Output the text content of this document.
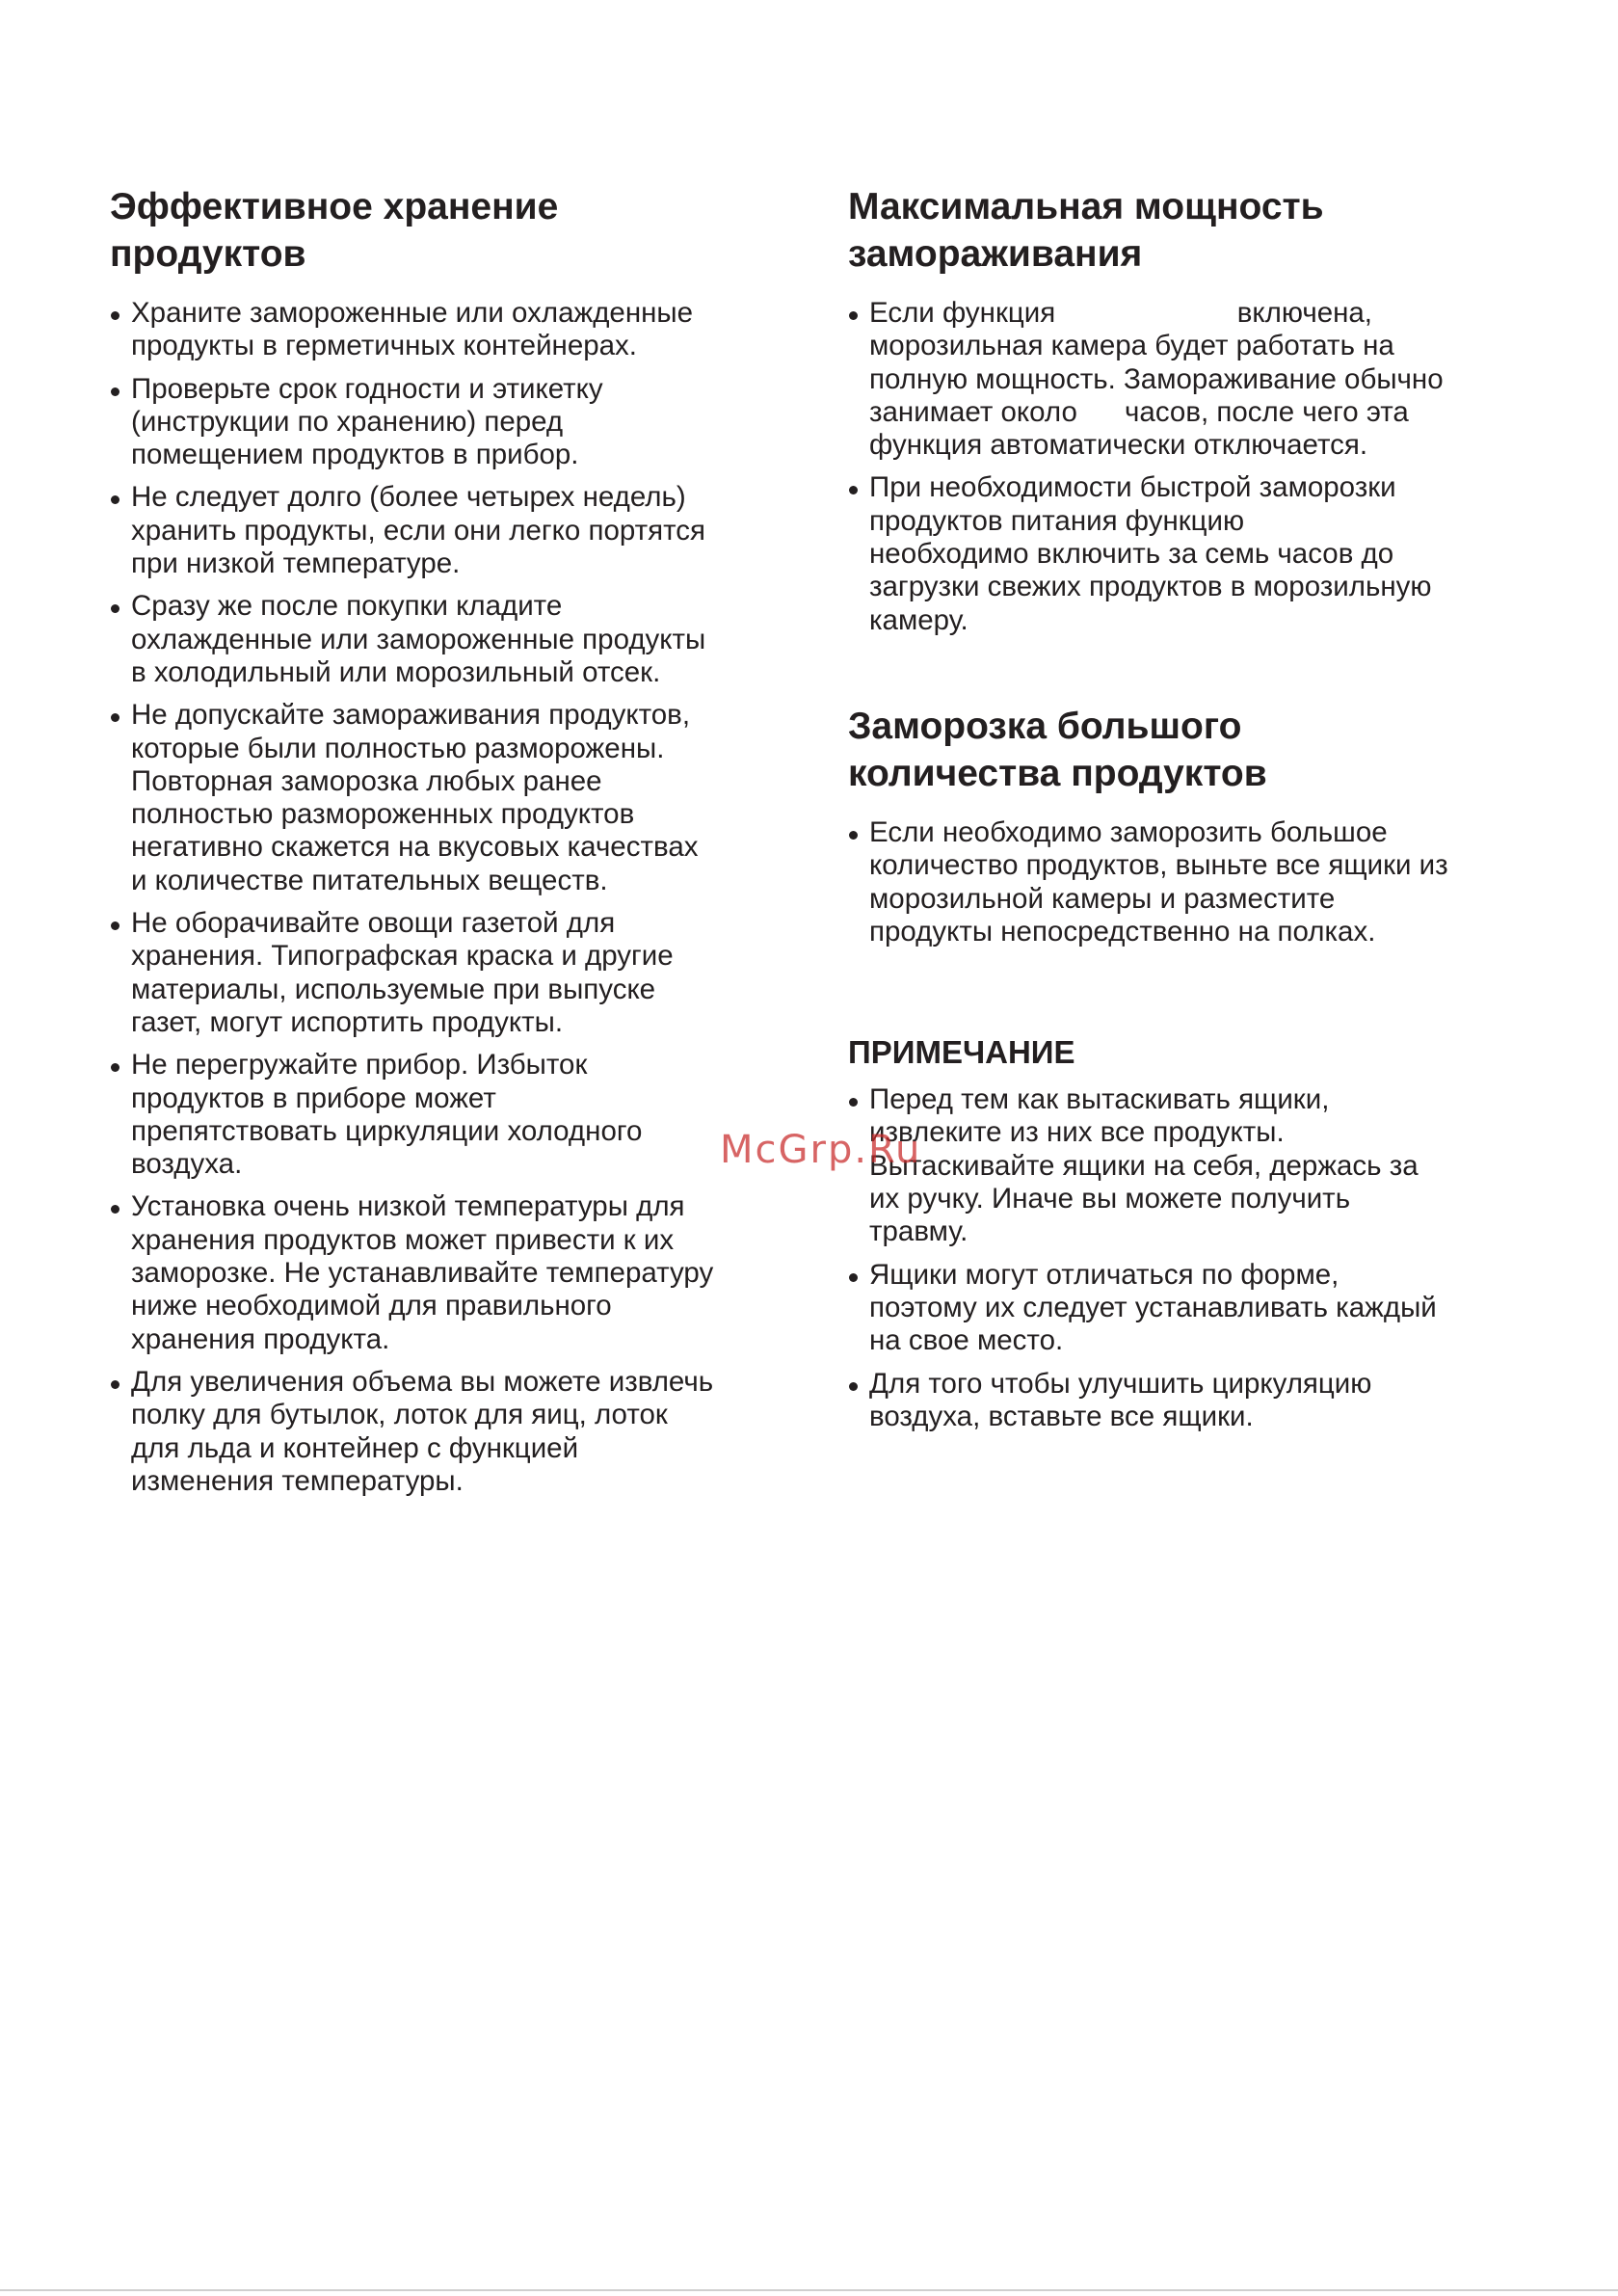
Эффективное хранение
продуктов
Храните замороженные или охлажденные
продукты в герметичных контейнерах.
Проверьте срок годности и этикетку
(инструкции по хранению) перед
помещением продуктов в прибор.
Не следует долго (более четырех недель)
хранить продукты, если они легко портятся
при низкой температуре.
Сразу же после покупки кладите
охлажденные или замороженные продукты
в холодильный или морозильный отсек.
Не допускайте замораживания продуктов,
которые были полностью разморожены.
Повторная заморозка любых ранее
полностью размороженных продуктов
негативно скажется на вкусовых качествах
и количестве питательных веществ.
Не оборачивайте овощи газетой для
хранения. Типографская краска и другие
материалы, используемые при выпуске
газет, могут испортить продукты.
Не перегружайте прибор. Избыток
продуктов в приборе может
препятствовать циркуляции холодного
воздуха.
Установка очень низкой температуры для
хранения продуктов может привести к их
заморозке. Не устанавливайте температуру
ниже необходимой для правильного
хранения продукта.
Для увеличения объема вы можете извлечь
полку для бутылок, лоток для яиц, лоток
для льда и контейнер с функцией
изменения температуры.
Максимальная мощность
замораживания
Если функция                       включена,
морозильная камера будет работать на
полную мощность. Замораживание обычно
занимает около      часов, после чего эта
функция автоматически отключается.
При необходимости быстрой заморозки
продуктов питания функцию
необходимо включить за семь часов до
загрузки свежих продуктов в морозильную
камеру.
Заморозка большого
количества продуктов
Если необходимо заморозить большое
количество продуктов, выньте все ящики из
морозильной камеры и разместите
продукты непосредственно на полках.
ПРИМЕЧАНИЕ
Перед тем как вытаскивать ящики,
извлеките из них все продукты.
Вытаскивайте ящики на себя, держась за
их ручку. Иначе вы можете получить
травму.
Ящики могут отличаться по форме,
поэтому их следует устанавливать каждый
на свое место.
Для того чтобы улучшить циркуляцию
воздуха, вставьте все ящики.
McGrp.Ru
